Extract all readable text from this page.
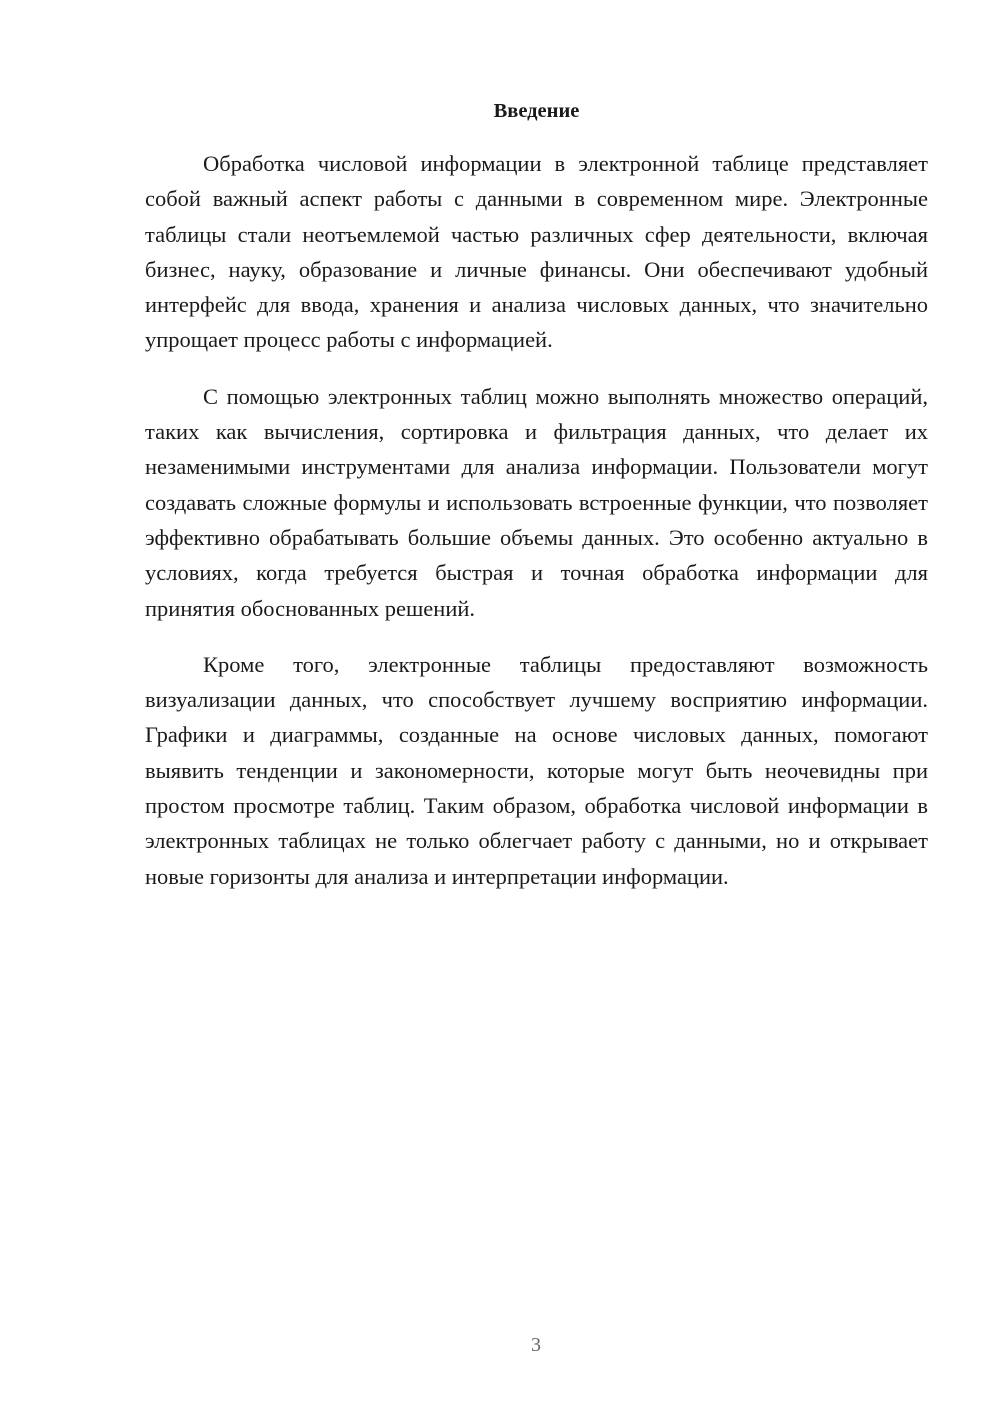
Введение

Обработка числовой информации в электронной таблице представляет собой важный аспект работы с данными в современном мире. Электронные таблицы стали неотъемлемой частью различных сфер деятельности, включая бизнес, науку, образование и личные финансы. Они обеспечивают удобный интерфейс для ввода, хранения и анализа числовых данных, что значительно упрощает процесс работы с информацией.

С помощью электронных таблиц можно выполнять множество операций, таких как вычисления, сортировка и фильтрация данных, что делает их незаменимыми инструментами для анализа информации. Пользователи могут создавать сложные формулы и использовать встроенные функции, что позволяет эффективно обрабатывать большие объемы данных. Это особенно актуально в условиях, когда требуется быстрая и точная обработка информации для принятия обоснованных решений.

Кроме того, электронные таблицы предоставляют возможность визуализации данных, что способствует лучшему восприятию информации. Графики и диаграммы, созданные на основе числовых данных, помогают выявить тенденции и закономерности, которые могут быть неочевидны при простом просмотре таблиц. Таким образом, обработка числовой информации в электронных таблицах не только облегчает работу с данными, но и открывает новые горизонты для анализа и интерпретации информации.

3
